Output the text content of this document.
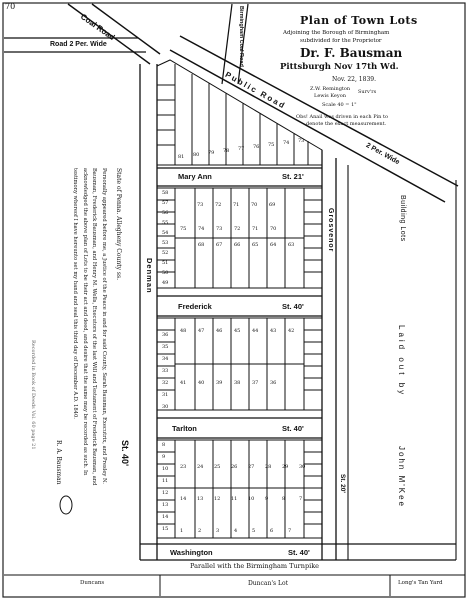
70
Coal Road
Road 2 Per. Wide	Birmingham Coal Road	Plan of Town Lots
Adjoining the Borough of Birmingham
subdivided for the Proprietor
Dr. F. Bausman
Pittsburgh Nov 17th Wd.
Nov. 22, 1839.
Z.W. Remington
Lewis Keyon
Surv'rs
Scale 40 = 1"
Obs! Anail was driven in each Pin to
denote the exact measurement.
Public Road
2 Per. Wide
Mary Ann	St. 21'
Frederick	St. 40'
Tarlton	St. 40'
Washington	St. 40'
Denman
Grosvenor
St. 40'
St. 20'
Building Lots
Laid out by
John M'Kee
Parallel with the Birmingham Turnpike
Duncans	Duncan's Lot	Long's Tan Yard
State of Penna. Allegheny County ss.
Personally appeared before me, a Justice of the Peace in and for said County, Sarah Bausman, Executrix, and Presley N. Bausman, Frederick Bausman, and Henry M. Wells, Executors of the last Will and Testament of Frederick Bausman, and acknowledged the above plan of Lots to be their act and deed, and desire that the same may be recorded as such. In testimony whereof I have hereunto set my hand and seal this third day of December A.D. 1840.
R. A. Bausman
Recorded in Book of Deeds Vol. 60 page 21
81 80 79 78 77 76 75 74 73
73 72 71 70 69
58
57
56
55
54
53
52
51
50
49
75 74 73 72 71 70
68 67 66 65 64 63
48 47 46 45 44 43 42
36
35
34
33
32
31
30
41 40 39 38 37 36
23 24 25 26 27 28 29 30
8
9
10
11
12
13
14
15
14 13 12 11 10 9	8	7
1	2	3	4	5	6	7
